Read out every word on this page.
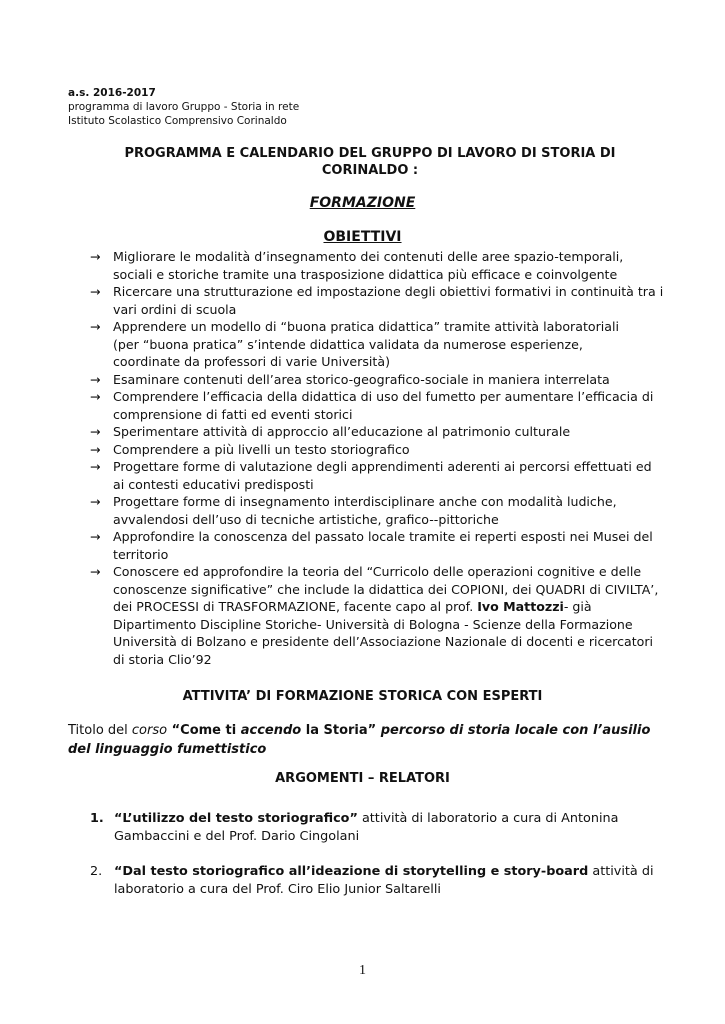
a.s. 2016-2017
programma di lavoro Gruppo - Storia in rete
Istituto Scolastico Comprensivo Corinaldo
PROGRAMMA E CALENDARIO DEL GRUPPO DI LAVORO DI STORIA DI CORINALDO :
FORMAZIONE
OBIETTIVI
→ Migliorare le modalità d’insegnamento dei contenuti delle aree spazio-temporali, sociali e storiche tramite una trasposizione didattica più efficace e coinvolgente
→ Ricercare una strutturazione ed impostazione degli obiettivi formativi in continuità tra i vari ordini di scuola
→ Apprendere un modello di “buona pratica didattica” tramite attività laboratoriali
(per “buona pratica” s’intende didattica validata da numerose esperienze,
coordinate da professori di varie Università)
→ Esaminare contenuti dell’area storico-geografico-sociale in maniera interrelata
→ Comprendere l’efficacia della didattica di uso del fumetto per aumentare l’efficacia di comprensione di fatti ed eventi storici
→ Sperimentare attività di approccio all’educazione al patrimonio culturale
→ Comprendere a più livelli un testo storiografico
→ Progettare forme di valutazione degli apprendimenti aderenti ai percorsi effettuati ed ai contesti educativi predisposti
→ Progettare forme di insegnamento interdisciplinare anche con modalità ludiche, avvalendosi dell’uso di tecniche artistiche, grafico--pittoriche
→ Approfondire la conoscenza del passato locale tramite ei reperti esposti nei Musei del territorio
→ Conoscere ed approfondire la teoria del “Curricolo delle operazioni cognitive e delle conoscenze significative” che include la didattica dei COPIONI, dei QUADRI di CIVILTA’, dei PROCESSI di TRASFORMAZIONE, facente capo al prof. Ivo Mattozzi- già Dipartimento Discipline Storiche- Università di Bologna - Scienze della Formazione Università di Bolzano e presidente dell’Associazione Nazionale di docenti e ricercatori di storia Clio’92
ATTIVITA’ DI FORMAZIONE STORICA CON ESPERTI
Titolo del corso “Come ti accendo la Storia” percorso di storia locale con l’ausilio del linguaggio fumettistico
ARGOMENTI – RELATORI
1. “L’utilizzo del testo storiografico” attività di laboratorio a cura di Antonina Gambaccini e del Prof. Dario Cingolani
2. “Dal testo storiografico all’ideazione di storytelling e story-board attività di laboratorio a cura del Prof. Ciro Elio Junior Saltarelli
1
